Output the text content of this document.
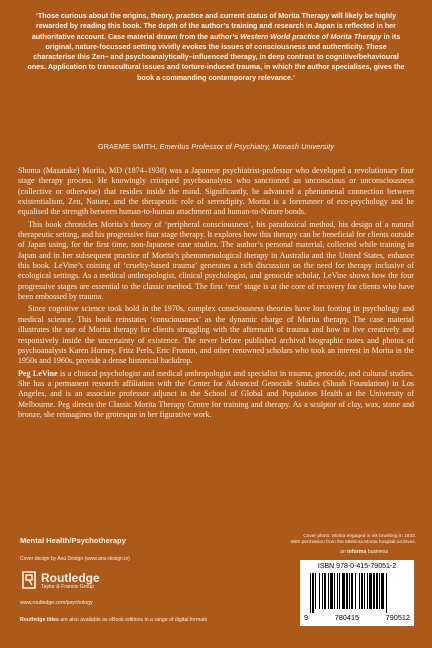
‘Those curious about the origins, theory, practice and current status of Morita Therapy will likely be highly rewarded by reading this book. The depth of the author’s training and research in Japan is reflected in her authoritative account. Case material drawn from the author’s Western World practice of Morita Therapy in its original, nature-focussed setting vividly evokes the issues of consciousness and authenticity. These characterise this Zen– and psychoanalytically–influenced therapy, in deep contrast to cognitive/behavioural ones. Application to transcultural issues and torture-induced trauma, in which the author specialises, gives the book a commanding contemporary relevance.’
GRAEME SMITH, Emeritus Professor of Psychiatry, Monash University

Shoma (Masatake) Morita, MD (1874–1938) was a Japanese psychiatrist-professor who developed a revolutionary four stage therapy process. He knowingly critiqued psychoanalysts who sanctioned an unconscious or unconsciousness (collective or otherwise) that resides inside the mind. Significantly, he advanced a phenomenal connection between existentialism, Zen, Nature, and the therapeutic role of serendipity. Morita is a forerunner of eco-psychology and he equalised the strength between human-to-human attachment and human-to-Nature bonds.

This book chronicles Morita’s theory of ‘peripheral consciousness’, his paradoxical method, his design of a natural therapeutic setting, and his progressive four stage therapy. It explores how this therapy can be beneficial for clients outside of Japan using, for the first time, non-Japanese case studies. The author’s personal material, collected while training in Japan and in her subsequent practice of Morita’s phenomenological therapy in Australia and the United States, enhance this book. LeVine’s coining of ‘cruelty-based trauma’ generates a rich discussion on the need for therapy inclusive of ecological settings. As a medical anthropologist, clinical psychologist, and genocide scholar, LeVine shows how the four progressive stages are essential to the classic method. The first ‘rest’ stage is at the core of recovery for clients who have been embossed by trauma.

Since cognitive science took hold in the 1970s, complex consciousness theories have lost footing in psychology and medical science. This book reinstates ‘consciousness’ as the dynamic charge of Morita therapy. The case material illustrates the use of Morita therapy for clients struggling with the aftermath of trauma and how to live creatively and responsively inside the uncertainty of existence. The never before published archival biographic notes and photos of psychoanalysts Karen Horney, Fritz Perls, Eric Fromm, and other renowned scholars who took an interest in Morita in the 1950s and 1960s, provide a dense historical backdrop.

Peg LeVine is a clinical psychologist and medical anthropologist and specialist in trauma, genocide, and cultural studies. She has a permanent research affiliation with the Center for Advanced Genocide Studies (Shoah Foundation) in Los Angeles, and is an associate professor adjunct in the School of Global and Population Health at the University of Melbourne. Peg directs the Classic Morita Therapy Centre for training and therapy. As a sculptor of clay, wax, stone and bronze, she reimagines the grotesque in her figurative work.

Mental Health/Psychotherapy	Cover photo: Morita engaged in ink brushing in 1933.
With permission from the Mishima Morita hospital archives.
Cover design by Anú Design (www.anu-design.ie)
Routledge
Taylor & Francis Group
www.routledge.com/psychology
Routledge titles are also available as eBook editions in a range of digital formats
an informa business
ISBN 978-0-415-79051-2
9	780415	790512
